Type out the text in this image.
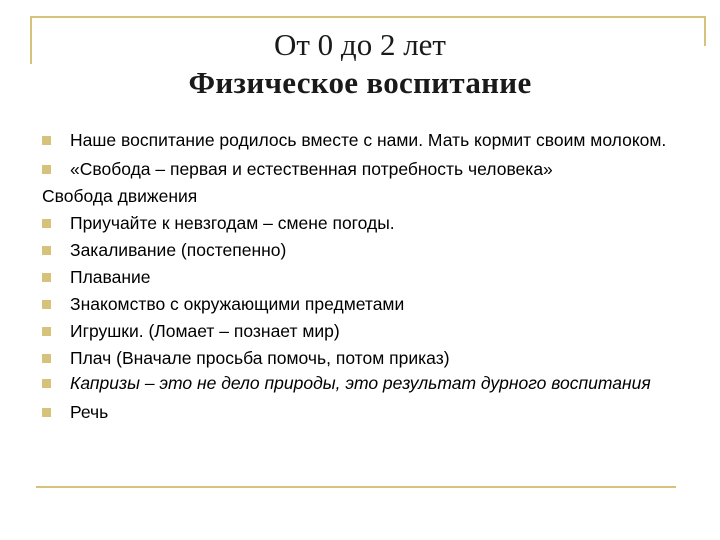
От 0 до 2 лет
Физическое воспитание
Наше воспитание родилось вместе с нами. Мать кормит своим молоком.
«Свобода – первая и естественная потребность человека»
Свобода движения
Приучайте к невзгодам – смене погоды.
Закаливание (постепенно)
Плавание
Знакомство с окружающими предметами
Игрушки. (Ломает – познает мир)
Плач (Вначале просьба помочь, потом приказ)
Капризы – это не дело природы, это результат дурного воспитания
Речь
